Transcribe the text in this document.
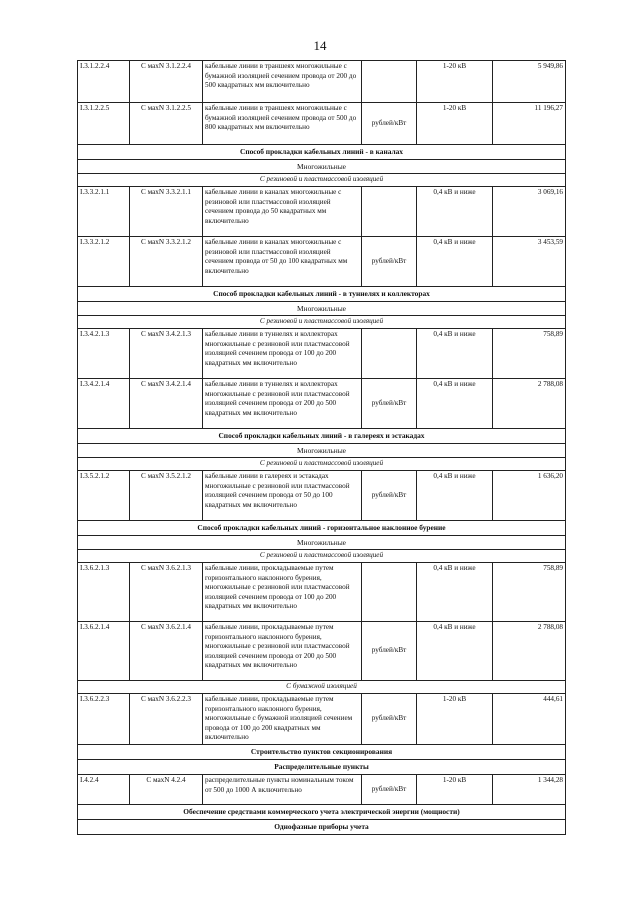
14
I.3.1.2.2.4	С махN 3.1.2.2.4	кабельные линии в траншеях многожильные с бумажной изоляцией сечением провода от 200 до 500 квадратных мм включительно		1-20 кВ	5 949,86
I.3.1.2.2.5	С махN 3.1.2.2.5	кабельные линии в траншеях многожильные с бумажной изоляцией сечением провода от 500 до 800 квадратных мм включительно	рублей/кВт	1-20 кВ	11 196,27
Способ прокладки кабельных линий - в каналах					
Многожильные					
С резиновой и пластмассовой изоляцией					
I.3.3.2.1.1	С махN 3.3.2.1.1	кабельные линии в каналах многожильные с резиновой или пластмассовой изоляцией сечением провода до 50 квадратных мм включительно		0,4 кВ и ниже	3 069,16
I.3.3.2.1.2	С махN 3.3.2.1.2	кабельные линии в каналах многожильные с резиновой или пластмассовой изоляцией сечением провода от 50 до 100 квадратных мм включительно	рублей/кВт	0,4 кВ и ниже	3 453,59
Способ прокладки кабельных линий - в туннелях и коллекторах					
Многожильные					
С резиновой и пластмассовой изоляцией					
I.3.4.2.1.3	С махN 3.4.2.1.3	кабельные линии в туннелях и коллекторах многожильные с резиновой или пластмассовой изоляцией сечением провода от 100 до 200 квадратных мм включительно		0,4 кВ и ниже	758,89
I.3.4.2.1.4	С махN 3.4.2.1.4	кабельные линии в туннелях и коллекторах многожильные с резиновой или пластмассовой изоляцией сечением провода от 200 до 500 квадратных мм включительно	рублей/кВт	0,4 кВ и ниже	2 788,08
Способ прокладки кабельных линий - в галереях и эстакадах					
Многожильные					
С резиновой и пластмассовой изоляцией					
I.3.5.2.1.2	С махN 3.5.2.1.2	кабельные линии в галереях и эстакадах многожильные с резиновой или пластмассовой изоляцией сечением провода от 50 до 100 квадратных мм включительно	рублей/кВт	0,4 кВ и ниже	1 636,20
Способ прокладки кабельных линий - горизонтальное наклонное бурение					
Многожильные					
С резиновой и пластмассовой изоляцией					
I.3.6.2.1.3	С махN 3.6.2.1.3	кабельные линии, прокладываемые путем горизонтального наклонного бурения, многожильные с резиновой или пластмассовой изоляцией сечением провода от 100 до 200 квадратных мм включительно		0,4 кВ и ниже	758,89
I.3.6.2.1.4	С махN 3.6.2.1.4	кабельные линии, прокладываемые путем горизонтального наклонного бурения, многожильные с резиновой или пластмассовой изоляцией сечением провода от 200 до 500 квадратных мм включительно	рублей/кВт	0,4 кВ и ниже	2 788,08
С бумажной изоляцией					
I.3.6.2.2.3	С махN 3.6.2.2.3	кабельные линии, прокладываемые путем горизонтального наклонного бурения, многожильные с бумажной изоляцией сечением провода от 100 до 200 квадратных мм включительно	рублей/кВт	1-20 кВ	444,61
Строительство пунктов секционирования					
Распределительные пункты					
I.4.2.4	С махN 4.2.4	распределительные пункты номинальным током от 500 до 1000 А включительно	рублей/кВт	1-20 кВ	1 344,28
Обеспечение средствами коммерческого учета электрической энергии (мощности)					
Однофазные приборы учета					
